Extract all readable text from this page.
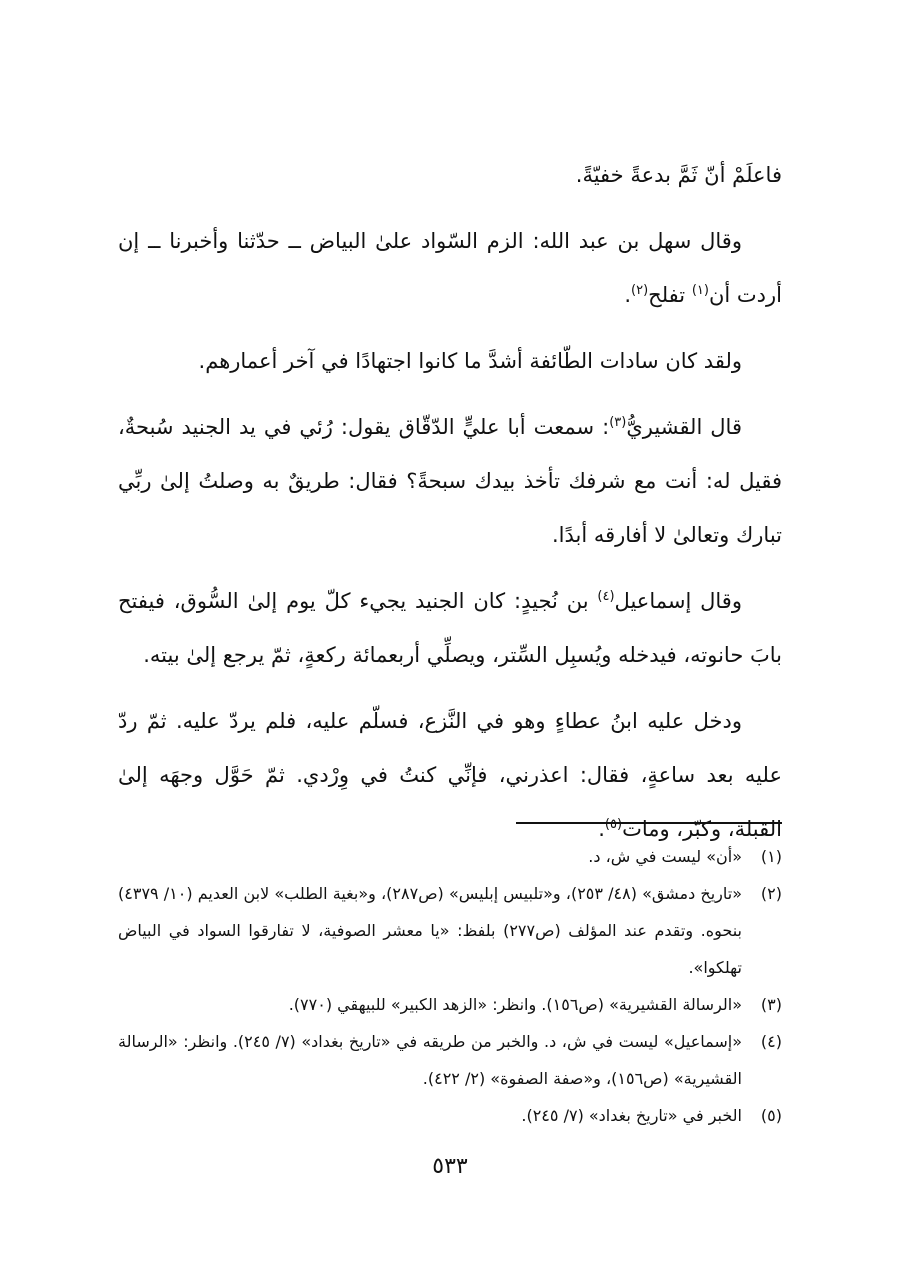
فاعلَمْ أنّ ثَمَّ بدعةً خفيّةً.

وقال سهل بن عبد الله: الزم السّواد علىٰ البياض ــ حدّثنا وأخبرنا ــ إن أردت أن$^{(١)}$ تفلح$^{(٢)}$.

ولقد كان سادات الطّائفة أشدَّ ما كانوا اجتهادًا في آخر أعمارهم.

قال القشيريُّ$^{(٣)}$: سمعت أبا عليٍّ الدّقّاق يقول: رُئي في يد الجنيد سُبحةٌ، فقيل له: أنت مع شرفك تأخذ بيدك سبحةً؟ فقال: طريقٌ به وصلتُ إلىٰ ربِّي تبارك وتعالىٰ لا أفارقه أبدًا.

وقال إسماعيل$^{(٤)}$ بن نُجيدٍ: كان الجنيد يجيء كلّ يوم إلىٰ السُّوق، فيفتح بابَ حانوته، فيدخله ويُسبِل السِّتر، ويصلِّي أربعمائة ركعةٍ، ثمّ يرجع إلىٰ بيته.

ودخل عليه ابنُ عطاءٍ وهو في النَّزع، فسلّم عليه، فلم يردّ عليه. ثمّ ردّ عليه بعد ساعةٍ، فقال: اعذرني، فإنِّي كنتُ في وِرْدي. ثمّ حَوَّل وجهَه إلىٰ القبلة، وكبّر، ومات$^{(٥)}$.

(١)
«أن» ليست في ش، د.

(٢)
«تاريخ دمشق» (٤٨/ ٢٥٣)، و«تلبيس إبليس» (ص٢٨٧)، و«بغية الطلب» لابن العديم (١٠/ ٤٣٧٩) بنحوه. وتقدم عند المؤلف (ص٢٧٧) بلفظ: «يا معشر الصوفية، لا تفارقوا السواد في البياض تهلكوا».

(٣)
«الرسالة القشيرية» (ص١٥٦). وانظر: «الزهد الكبير» للبيهقي (٧٧٠).

(٤)
«إسماعيل» ليست في ش، د. والخبر من طريقه في «تاريخ بغداد» (٧/ ٢٤٥). وانظر: «الرسالة القشيرية» (ص١٥٦)، و«صفة الصفوة» (٢/ ٤٢٢).

(٥)
الخبر في «تاريخ بغداد» (٧/ ٢٤٥).

٥٣٣
